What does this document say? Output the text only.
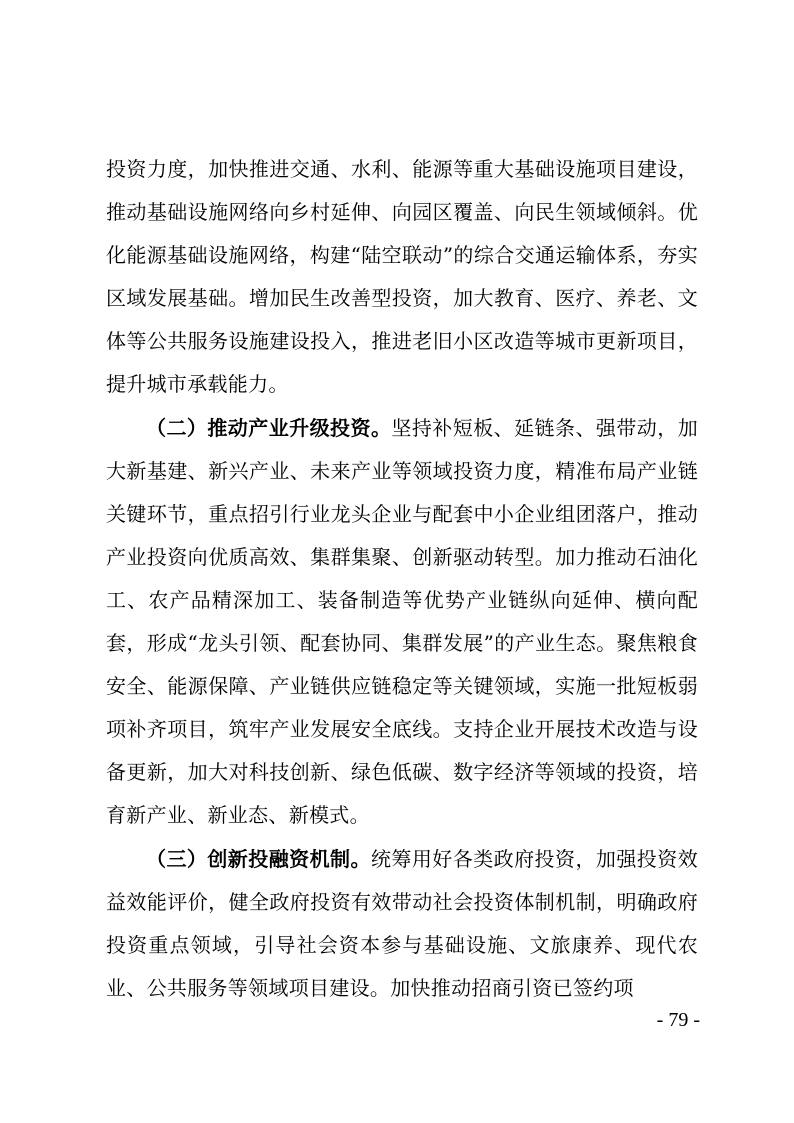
投资力度，加快推进交通、水利、能源等重大基础设施项目建设，推动基础设施网络向乡村延伸、向园区覆盖、向民生领域倾斜。优化能源基础设施网络，构建“陆空联动”的综合交通运输体系，夯实区域发展基础。增加民生改善型投资，加大教育、医疗、养老、文体等公共服务设施建设投入，推进老旧小区改造等城市更新项目，提升城市承载能力。

（二）推动产业升级投资。坚持补短板、延链条、强带动，加大新基建、新兴产业、未来产业等领域投资力度，精准布局产业链关键环节，重点招引行业龙头企业与配套中小企业组团落户，推动产业投资向优质高效、集群集聚、创新驱动转型。加力推动石油化工、农产品精深加工、装备制造等优势产业链纵向延伸、横向配套，形成“龙头引领、配套协同、集群发展”的产业生态。聚焦粮食安全、能源保障、产业链供应链稳定等关键领域，实施一批短板弱项补齐项目，筑牢产业发展安全底线。支持企业开展技术改造与设备更新，加大对科技创新、绿色低碳、数字经济等领域的投资，培育新产业、新业态、新模式。

（三）创新投融资机制。统筹用好各类政府投资，加强投资效益效能评价，健全政府投资有效带动社会投资体制机制，明确政府投资重点领域，引导社会资本参与基础设施、文旅康养、现代农业、公共服务等领域项目建设。加快推动招商引资已签约项

- 79 -
